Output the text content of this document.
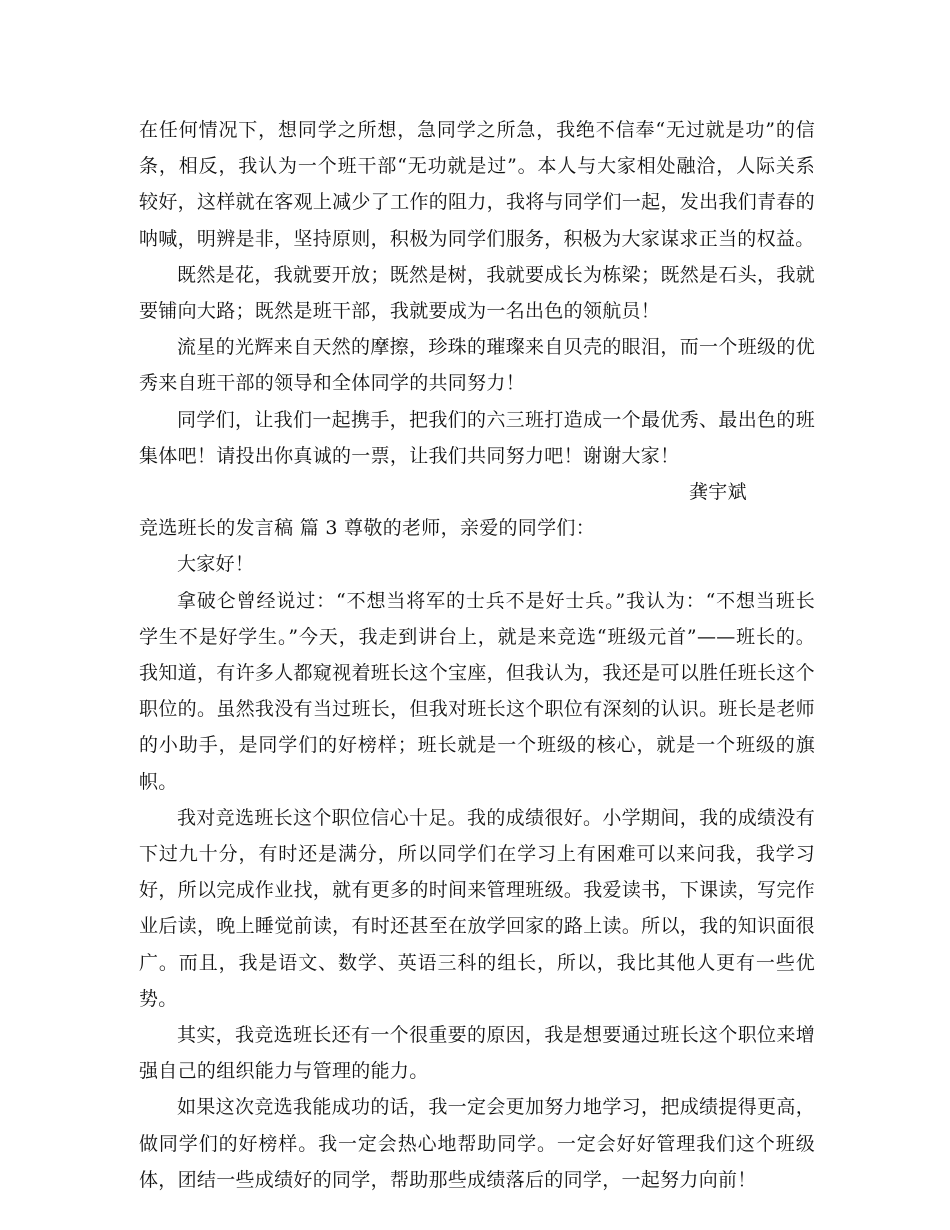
在任何情况下，想同学之所想，急同学之所急，我绝不信奉“无过就是功”的信条，相反，我认为一个班干部“无功就是过”。本人与大家相处融洽，人际关系较好，这样就在客观上减少了工作的阻力，我将与同学们一起，发出我们青春的呐喊，明辨是非，坚持原则，积极为同学们服务，积极为大家谋求正当的权益。

既然是花，我就要开放；既然是树，我就要成长为栋梁；既然是石头，我就要铺向大路；既然是班干部，我就要成为一名出色的领航员！

流星的光辉来自天然的摩擦，珍珠的璀璨来自贝壳的眼泪，而一个班级的优秀来自班干部的领导和全体同学的共同努力！

同学们，让我们一起携手，把我们的六三班打造成一个最优秀、最出色的班集体吧！请投出你真诚的一票，让我们共同努力吧！谢谢大家！

龚宇斌

竞选班长的发言稿 篇 3 尊敬的老师，亲爱的同学们：

大家好！

拿破仑曾经说过：“不想当将军的士兵不是好士兵。”我认为：“不想当班长学生不是好学生。”今天，我走到讲台上，就是来竞选“班级元首”——班长的。我知道，有许多人都窥视着班长这个宝座，但我认为，我还是可以胜任班长这个职位的。虽然我没有当过班长，但我对班长这个职位有深刻的认识。班长是老师的小助手，是同学们的好榜样；班长就是一个班级的核心，就是一个班级的旗帜。

我对竞选班长这个职位信心十足。我的成绩很好。小学期间，我的成绩没有下过九十分，有时还是满分，所以同学们在学习上有困难可以来问我，我学习好，所以完成作业找，就有更多的时间来管理班级。我爱读书，下课读，写完作业后读，晚上睡觉前读，有时还甚至在放学回家的路上读。所以，我的知识面很广。而且，我是语文、数学、英语三科的组长，所以，我比其他人更有一些优势。

其实，我竞选班长还有一个很重要的原因，我是想要通过班长这个职位来增强自己的组织能力与管理的能力。

如果这次竞选我能成功的话，我一定会更加努力地学习，把成绩提得更高，做同学们的好榜样。我一定会热心地帮助同学。一定会好好管理我们这个班级体，团结一些成绩好的同学，帮助那些成绩落后的同学，一起努力向前！
